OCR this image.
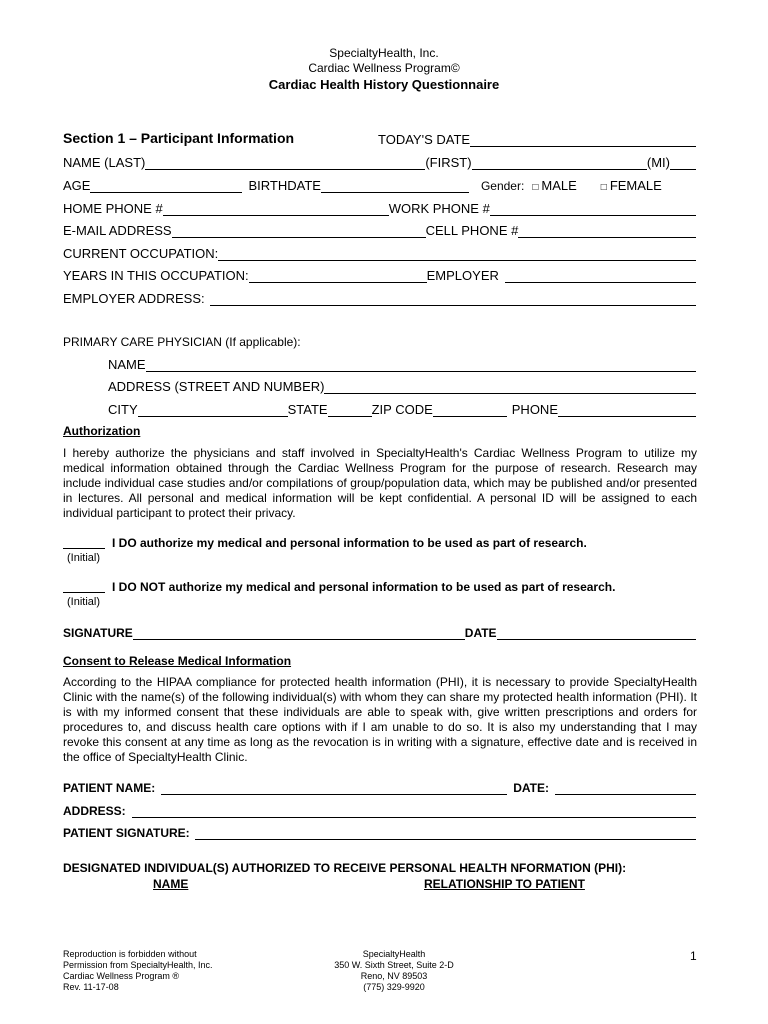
SpecialtyHealth, Inc.
Cardiac Wellness Program©
Cardiac Health History Questionnaire
Section 1 – Participant Information	TODAY'S DATE
NAME (LAST)	(FIRST)	(MI)
AGE	BIRTHDATE	Gender: □ MALE □ FEMALE
HOME PHONE #	WORK PHONE #
E-MAIL ADDRESS	CELL PHONE #
CURRENT OCCUPATION:
YEARS IN THIS OCCUPATION:	EMPLOYER
EMPLOYER ADDRESS:
PRIMARY CARE PHYSICIAN (If applicable):
NAME
ADDRESS (STREET AND NUMBER)
CITY	STATE	ZIP CODE	PHONE
Authorization
I hereby authorize the physicians and staff involved in SpecialtyHealth's Cardiac Wellness Program to utilize my medical information obtained through the Cardiac Wellness Program for the purpose of research. Research may include individual case studies and/or compilations of group/population data, which may be published and/or presented in lectures. All personal and medical information will be kept confidential. A personal ID will be assigned to each individual participant to protect their privacy.
I DO authorize my medical and personal information to be used as part of research.
(Initial)
I DO NOT authorize my medical and personal information to be used as part of research.
(Initial)
SIGNATURE	DATE
Consent to Release Medical Information
According to the HIPAA compliance for protected health information (PHI), it is necessary to provide SpecialtyHealth Clinic with the name(s) of the following individual(s) with whom they can share my protected health information (PHI). It is with my informed consent that these individuals are able to speak with, give written prescriptions and orders for procedures to, and discuss health care options with if I am unable to do so. It is also my understanding that I may revoke this consent at any time as long as the revocation is in writing with a signature, effective date and is received in the office of SpecialtyHealth Clinic.
PATIENT NAME:	DATE:
ADDRESS:
PATIENT SIGNATURE:
DESIGNATED INDIVIDUAL(S) AUTHORIZED TO RECEIVE PERSONAL HEALTH NFORMATION (PHI):
NAME	RELATIONSHIP TO PATIENT
Reproduction is forbidden without
Permission from SpecialtyHealth, Inc.
Cardiac Wellness Program ®
Rev. 11-17-08
SpecialtyHealth
350 W. Sixth Street, Suite 2-D
Reno, NV 89503
(775) 329-9920
1
